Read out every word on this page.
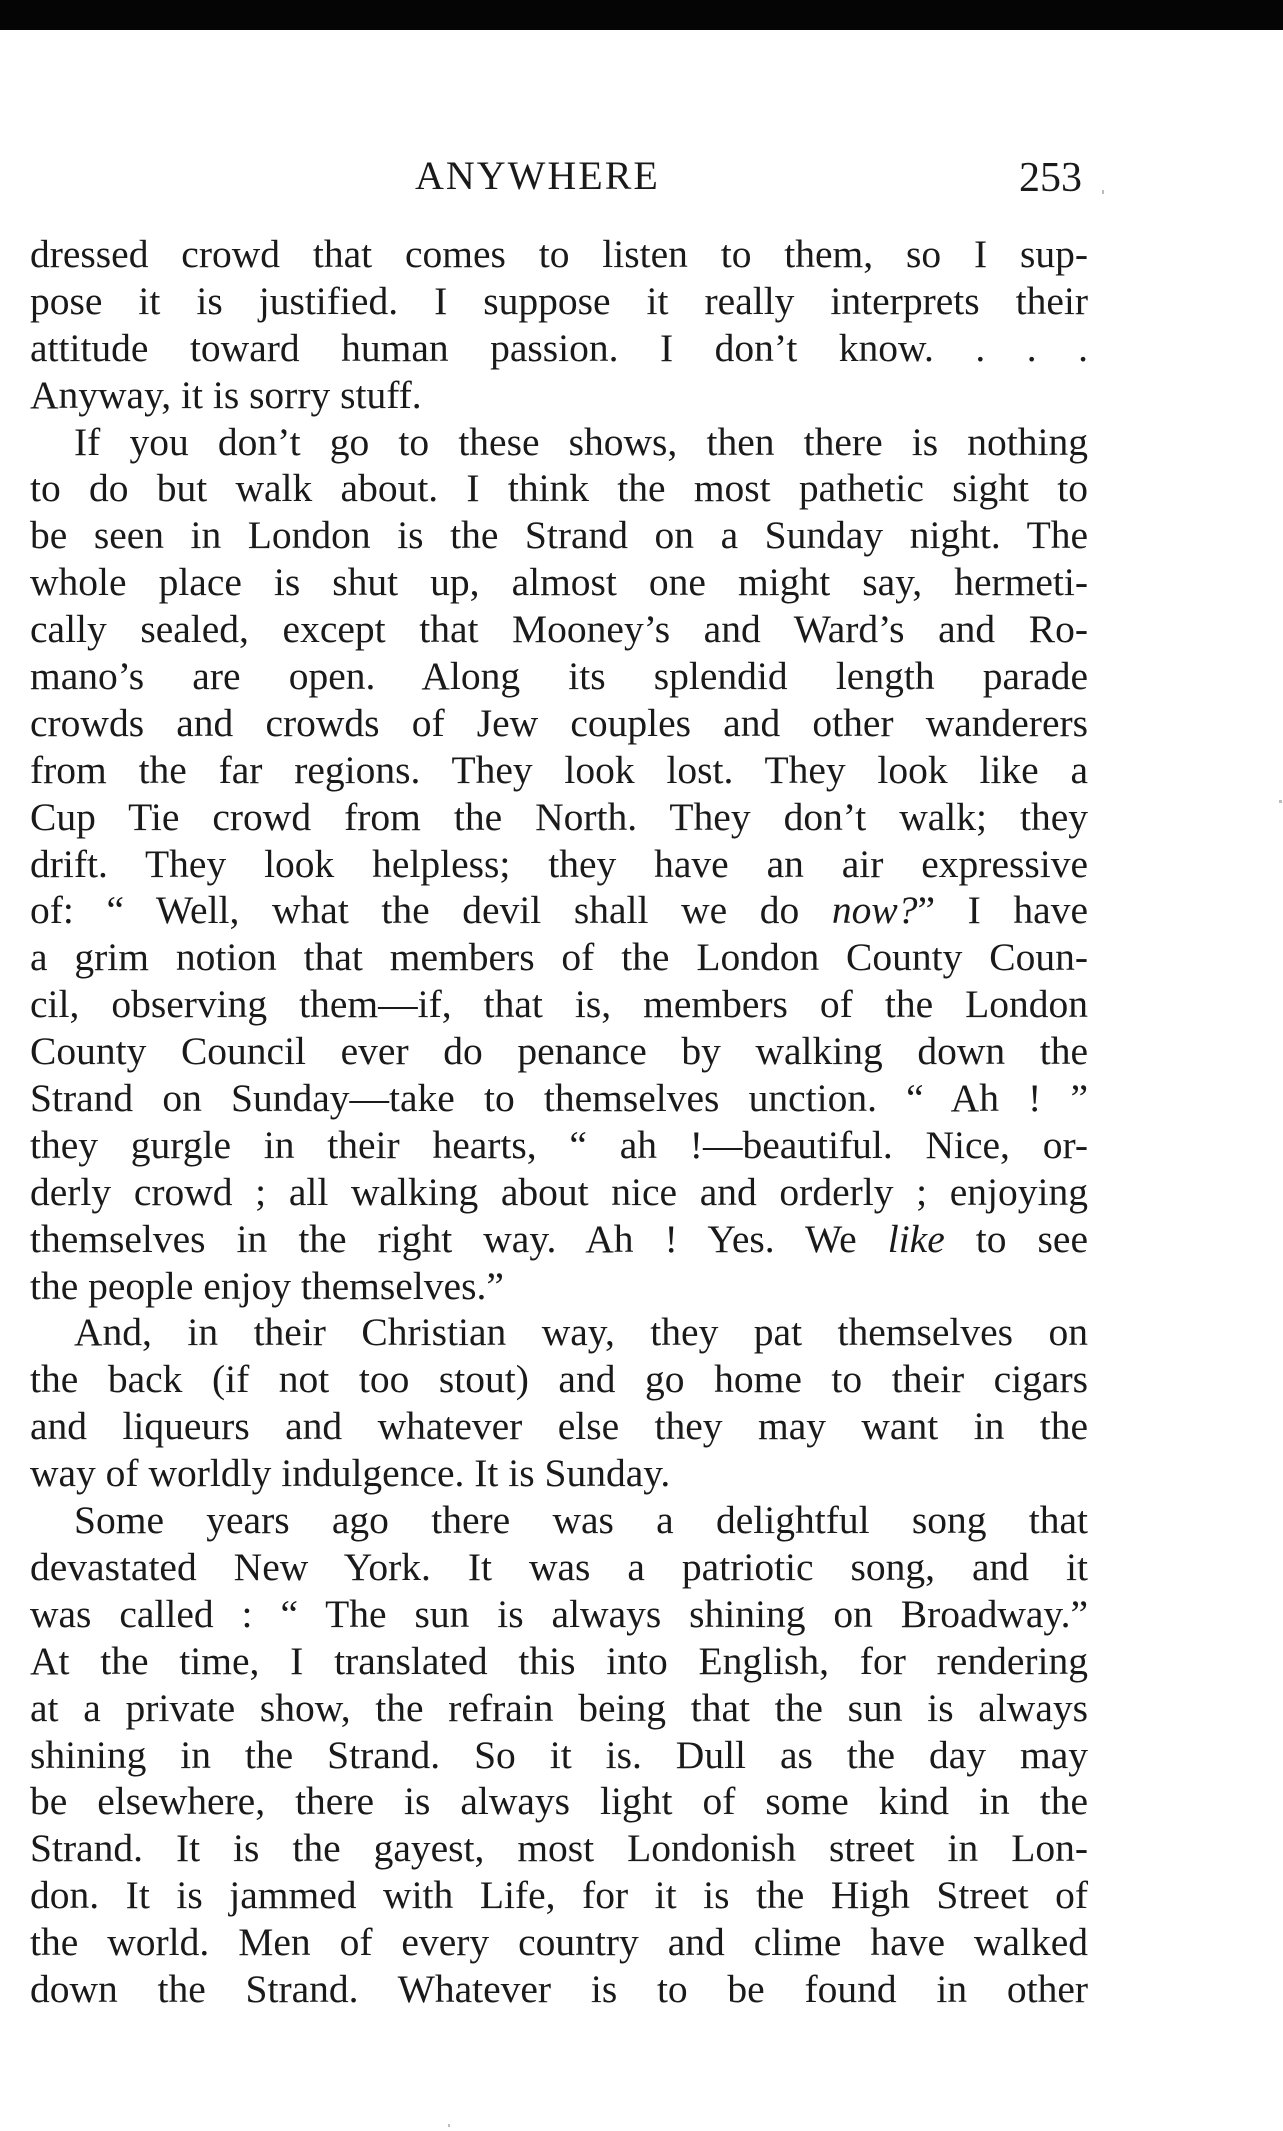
ANYWHERE	253
dressed crowd that comes to listen to them, so I sup-
pose it is justified. I suppose it really interprets their
attitude toward human passion. I don’t know. . . .
Anyway, it is sorry stuff.
If you don’t go to these shows, then there is nothing
to do but walk about. I think the most pathetic sight to
be seen in London is the Strand on a Sunday night. The
whole place is shut up, almost one might say, hermeti-
cally sealed, except that Mooney’s and Ward’s and Ro-
mano’s are open. Along its splendid length parade
crowds and crowds of Jew couples and other wanderers
from the far regions. They look lost. They look like a
Cup Tie crowd from the North. They don’t walk; they
drift. They look helpless; they have an air expressive
of: “ Well, what the devil shall we do now?” I have
a grim notion that members of the London County Coun-
cil, observing them—if, that is, members of the London
County Council ever do penance by walking down the
Strand on Sunday—take to themselves unction. “ Ah ! ”
they gurgle in their hearts, “ ah !—beautiful. Nice, or-
derly crowd ; all walking about nice and orderly ; enjoying
themselves in the right way. Ah ! Yes. We like to see
the people enjoy themselves.”
And, in their Christian way, they pat themselves on
the back (if not too stout) and go home to their cigars
and liqueurs and whatever else they may want in the
way of worldly indulgence. It is Sunday.
Some years ago there was a delightful song that
devastated New York. It was a patriotic song, and it
was called : “ The sun is always shining on Broadway.”
At the time, I translated this into English, for rendering
at a private show, the refrain being that the sun is always
shining in the Strand. So it is. Dull as the day may
be elsewhere, there is always light of some kind in the
Strand. It is the gayest, most Londonish street in Lon-
don. It is jammed with Life, for it is the High Street of
the world. Men of every country and clime have walked
down the Strand. Whatever is to be found in other
